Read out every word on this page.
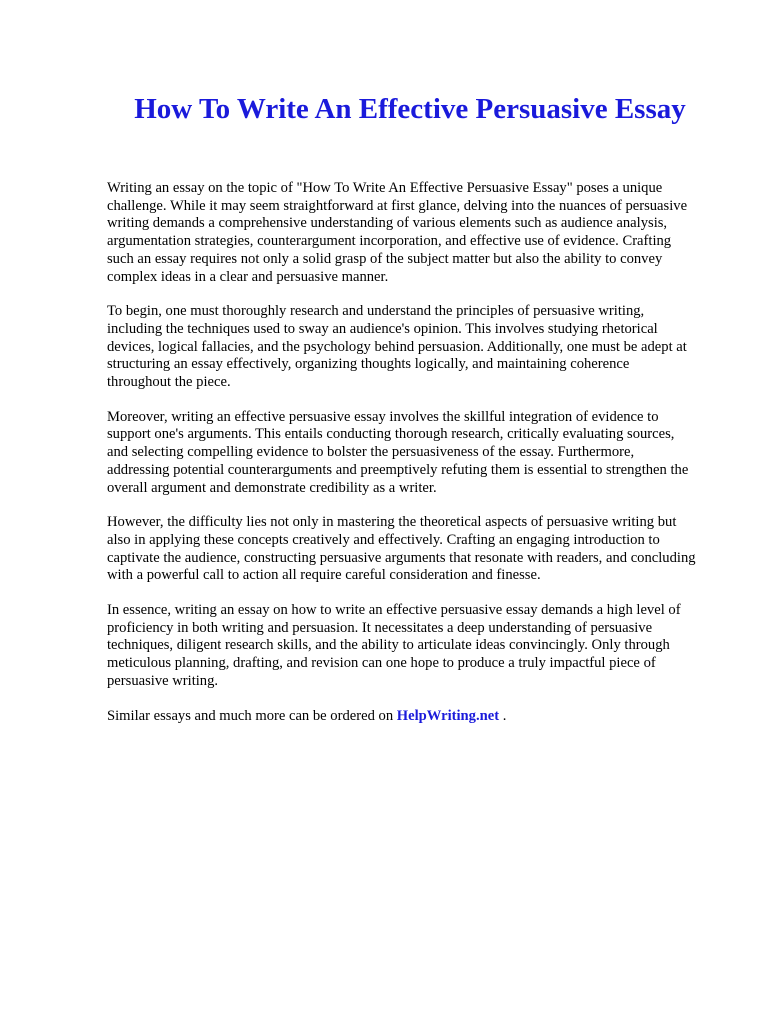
How To Write An Effective Persuasive Essay

Writing an essay on the topic of "How To Write An Effective Persuasive Essay" poses a unique
challenge. While it may seem straightforward at first glance, delving into the nuances of persuasive
writing demands a comprehensive understanding of various elements such as audience analysis,
argumentation strategies, counterargument incorporation, and effective use of evidence. Crafting
such an essay requires not only a solid grasp of the subject matter but also the ability to convey
complex ideas in a clear and persuasive manner.

To begin, one must thoroughly research and understand the principles of persuasive writing,
including the techniques used to sway an audience's opinion. This involves studying rhetorical
devices, logical fallacies, and the psychology behind persuasion. Additionally, one must be adept at
structuring an essay effectively, organizing thoughts logically, and maintaining coherence
throughout the piece.

Moreover, writing an effective persuasive essay involves the skillful integration of evidence to
support one's arguments. This entails conducting thorough research, critically evaluating sources,
and selecting compelling evidence to bolster the persuasiveness of the essay. Furthermore,
addressing potential counterarguments and preemptively refuting them is essential to strengthen the
overall argument and demonstrate credibility as a writer.

However, the difficulty lies not only in mastering the theoretical aspects of persuasive writing but
also in applying these concepts creatively and effectively. Crafting an engaging introduction to
captivate the audience, constructing persuasive arguments that resonate with readers, and concluding
with a powerful call to action all require careful consideration and finesse.

In essence, writing an essay on how to write an effective persuasive essay demands a high level of
proficiency in both writing and persuasion. It necessitates a deep understanding of persuasive
techniques, diligent research skills, and the ability to articulate ideas convincingly. Only through
meticulous planning, drafting, and revision can one hope to produce a truly impactful piece of
persuasive writing.

Similar essays and much more can be ordered on HelpWriting.net .
